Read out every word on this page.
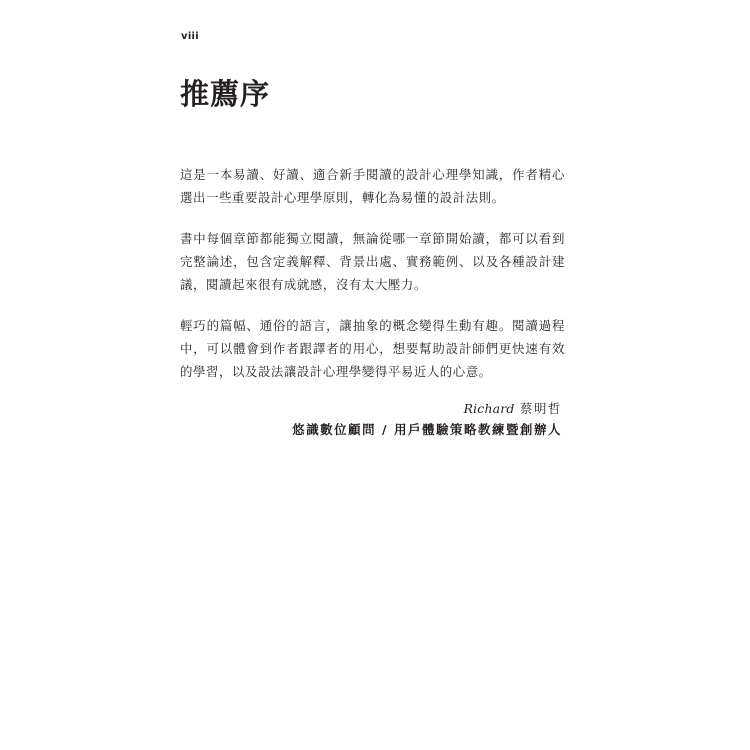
viii
推薦序

這是一本易讀、好讀、適合新手閱讀的設計心理學知識，作者精心選出一些重要設計心理學原則，轉化為易懂的設計法則。

書中每個章節都能獨立閱讀，無論從哪一章節開始讀，都可以看到完整論述，包含定義解釋、背景出處、實務範例、以及各種設計建議，閱讀起來很有成就感，沒有太大壓力。

輕巧的篇幅、通俗的語言，讓抽象的概念變得生動有趣。閱讀過程中，可以體會到作者跟譯者的用心，想要幫助設計師們更快速有效的學習，以及設法讓設計心理學變得平易近人的心意。

Richard 蔡明哲

悠識數位顧問 / 用戶體驗策略教練暨創辦人
